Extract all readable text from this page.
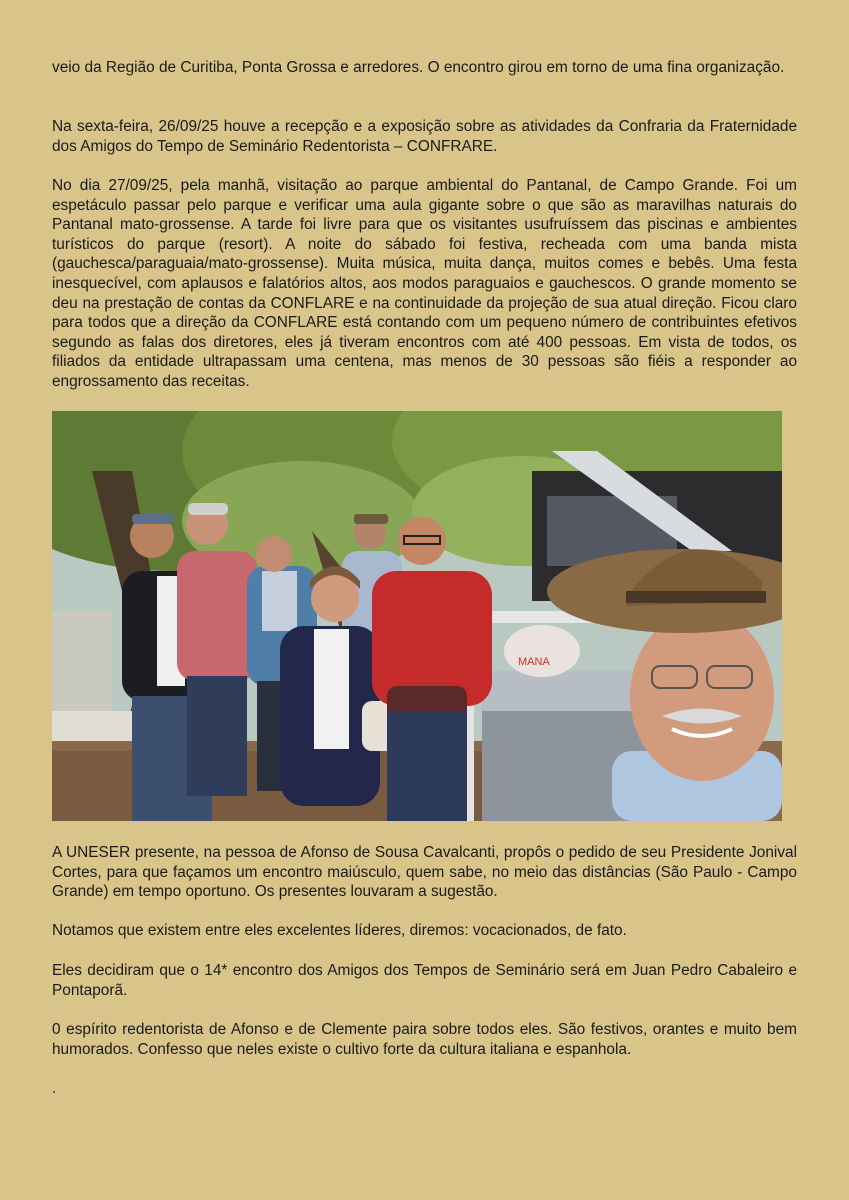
veio da Região de Curitiba, Ponta Grossa e arredores. O encontro girou em torno de uma fina organização.

Na sexta-feira, 26/09/25 houve a recepção e a exposição sobre as atividades da Confraria da Fraternidade dos Amigos do Tempo de Seminário Redentorista – CONFRARE.

No dia 27/09/25, pela manhã, visitação ao parque ambiental do Pantanal, de Campo Grande. Foi um espetáculo passar pelo parque e verificar uma aula gigante sobre o que são as maravilhas naturais do Pantanal mato-grossense. A tarde foi livre para que os visitantes usufruíssem das piscinas e ambientes turísticos do parque (resort). A noite do sábado foi festiva, recheada com uma banda mista (gauchesca/paraguaia/mato-grossense). Muita música, muita dança, muitos comes e bebês. Uma festa inesquecível, com aplausos e falatórios altos, aos modos paraguaios e gauchescos. O grande momento se deu na prestação de contas da CONFLARE e na continuidade da projeção de sua atual direção. Ficou claro para todos que a direção da CONFLARE está contando com um pequeno número de contribuintes efetivos segundo as falas dos diretores, eles já tiveram encontros com até 400 pessoas. Em vista de todos, os filiados da entidade ultrapassam uma centena, mas menos de 30 pessoas são fiéis a responder ao engrossamento das receitas.

MANA

A UNESER presente, na pessoa de Afonso de Sousa Cavalcanti, propôs o pedido de seu Presidente Jonival Cortes, para que façamos um encontro maiúsculo, quem sabe, no meio das distâncias (São Paulo - Campo Grande) em tempo oportuno. Os presentes louvaram a sugestão.

Notamos que existem entre eles excelentes líderes, diremos: vocacionados, de fato.

Eles decidiram que o 14* encontro dos Amigos dos Tempos de Seminário será em Juan Pedro Cabaleiro e Pontaporã.

0 espírito redentorista de Afonso e de Clemente paira sobre todos eles. São festivos, orantes e muito bem humorados. Confesso que neles existe o cultivo forte da cultura italiana e espanhola.

.
